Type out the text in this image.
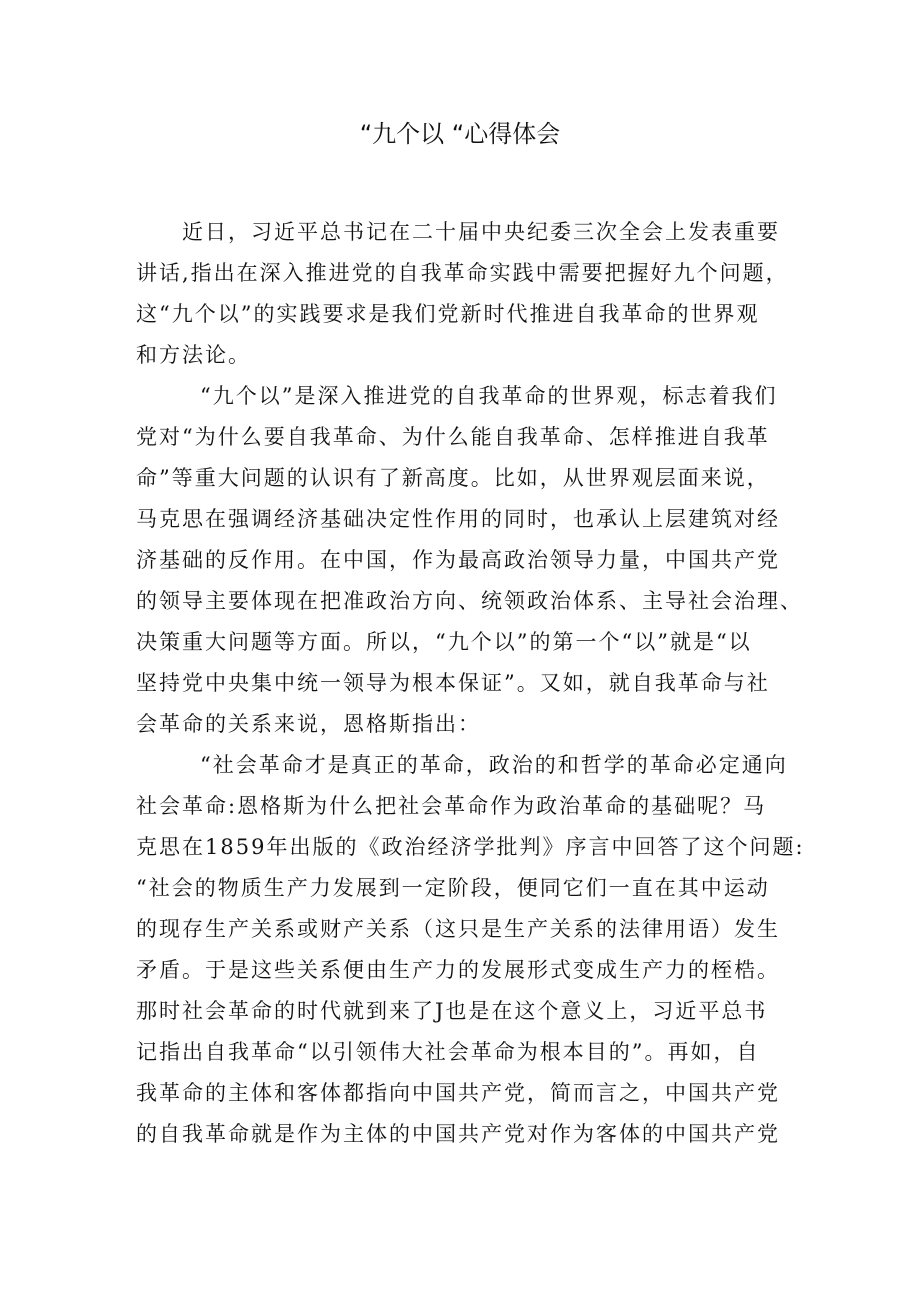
“九个以 “心得体会
近日，习近平总书记在二十届中央纪委三次全会上发表重要
讲话,指出在深入推进党的自我革命实践中需要把握好九个问题，
这“九个以”的实践要求是我们党新时代推进自我革命的世界观
和方法论。
“九个以”是深入推进党的自我革命的世界观，标志着我们
党对“为什么要自我革命、为什么能自我革命、怎样推进自我革
命”等重大问题的认识有了新高度。比如，从世界观层面来说，
马克思在强调经济基础决定性作用的同时，也承认上层建筑对经
济基础的反作用。在中国，作为最高政治领导力量，中国共产党
的领导主要体现在把准政治方向、统领政治体系、主导社会治理、
决策重大问题等方面。所以，“九个以”的第一个“以”就是“以
坚持党中央集中统一领导为根本保证”。又如，就自我革命与社
会革命的关系来说，恩格斯指出：
“社会革命才是真正的革命，政治的和哲学的革命必定通向
社会革命:恩格斯为什么把社会革命作为政治革命的基础呢？马
克思在1859年出版的《政治经济学批判》序言中回答了这个问题:
“社会的物质生产力发展到一定阶段，便同它们一直在其中运动
的现存生产关系或财产关系（这只是生产关系的法律用语）发生
矛盾。于是这些关系便由生产力的发展形式变成生产力的桎梏。
那时社会革命的时代就到来了J也是在这个意义上，习近平总书
记指出自我革命“以引领伟大社会革命为根本目的”。再如，自
我革命的主体和客体都指向中国共产党，简而言之，中国共产党
的自我革命就是作为主体的中国共产党对作为客体的中国共产党
